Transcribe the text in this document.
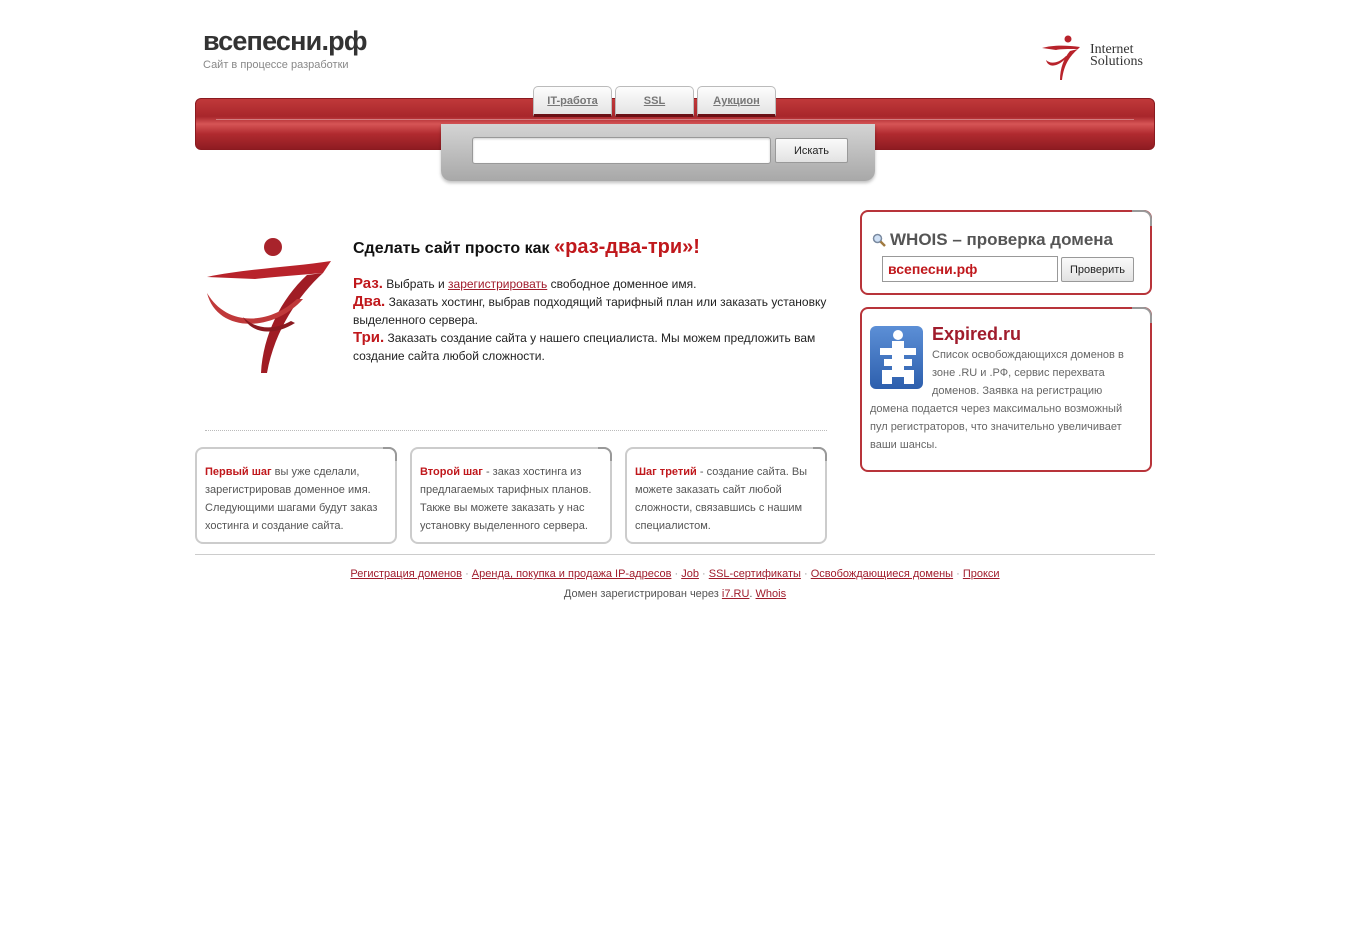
всепесни.рф
Сайт в процессе разработки
Internet
Solutions
IT-работа	SSL	Аукцион
Искать
Сделать сайт просто как «раз-два-три»!
Раз. Выбрать и зарегистрировать свободное доменное имя.
Два. Заказать хостинг, выбрав подходящий тарифный план или заказать установку выделенного сервера.
Три. Заказать создание сайта у нашего специалиста. Мы можем предложить вам создание сайта любой сложности.
Первый шаг вы уже сделали, зарегистрировав доменное имя. Следующими шагами будут заказ хостинга и создание сайта.
Второй шаг - заказ хостинга из предлагаемых тарифных планов. Также вы можете заказать у нас установку выделенного сервера.
Шаг третий - создание сайта. Вы можете заказать сайт любой сложности, связавшись с нашим специалистом.
WHOIS – проверка домена
всепесни.рф
Проверить
Expired.ru
Список освобождающихся доменов в
зоне .RU и .РФ, сервис перехвата
доменов. Заявка на регистрацию
домена подается через максимально возможный пул регистраторов, что значительно увеличивает ваши шансы.
Регистрация доменов · Аренда, покупка и продажа IP-адресов · Job · SSL-сертификаты · Освобождающиеся домены · Прокси
Домен зарегистрирован через i7.RU. Whois
